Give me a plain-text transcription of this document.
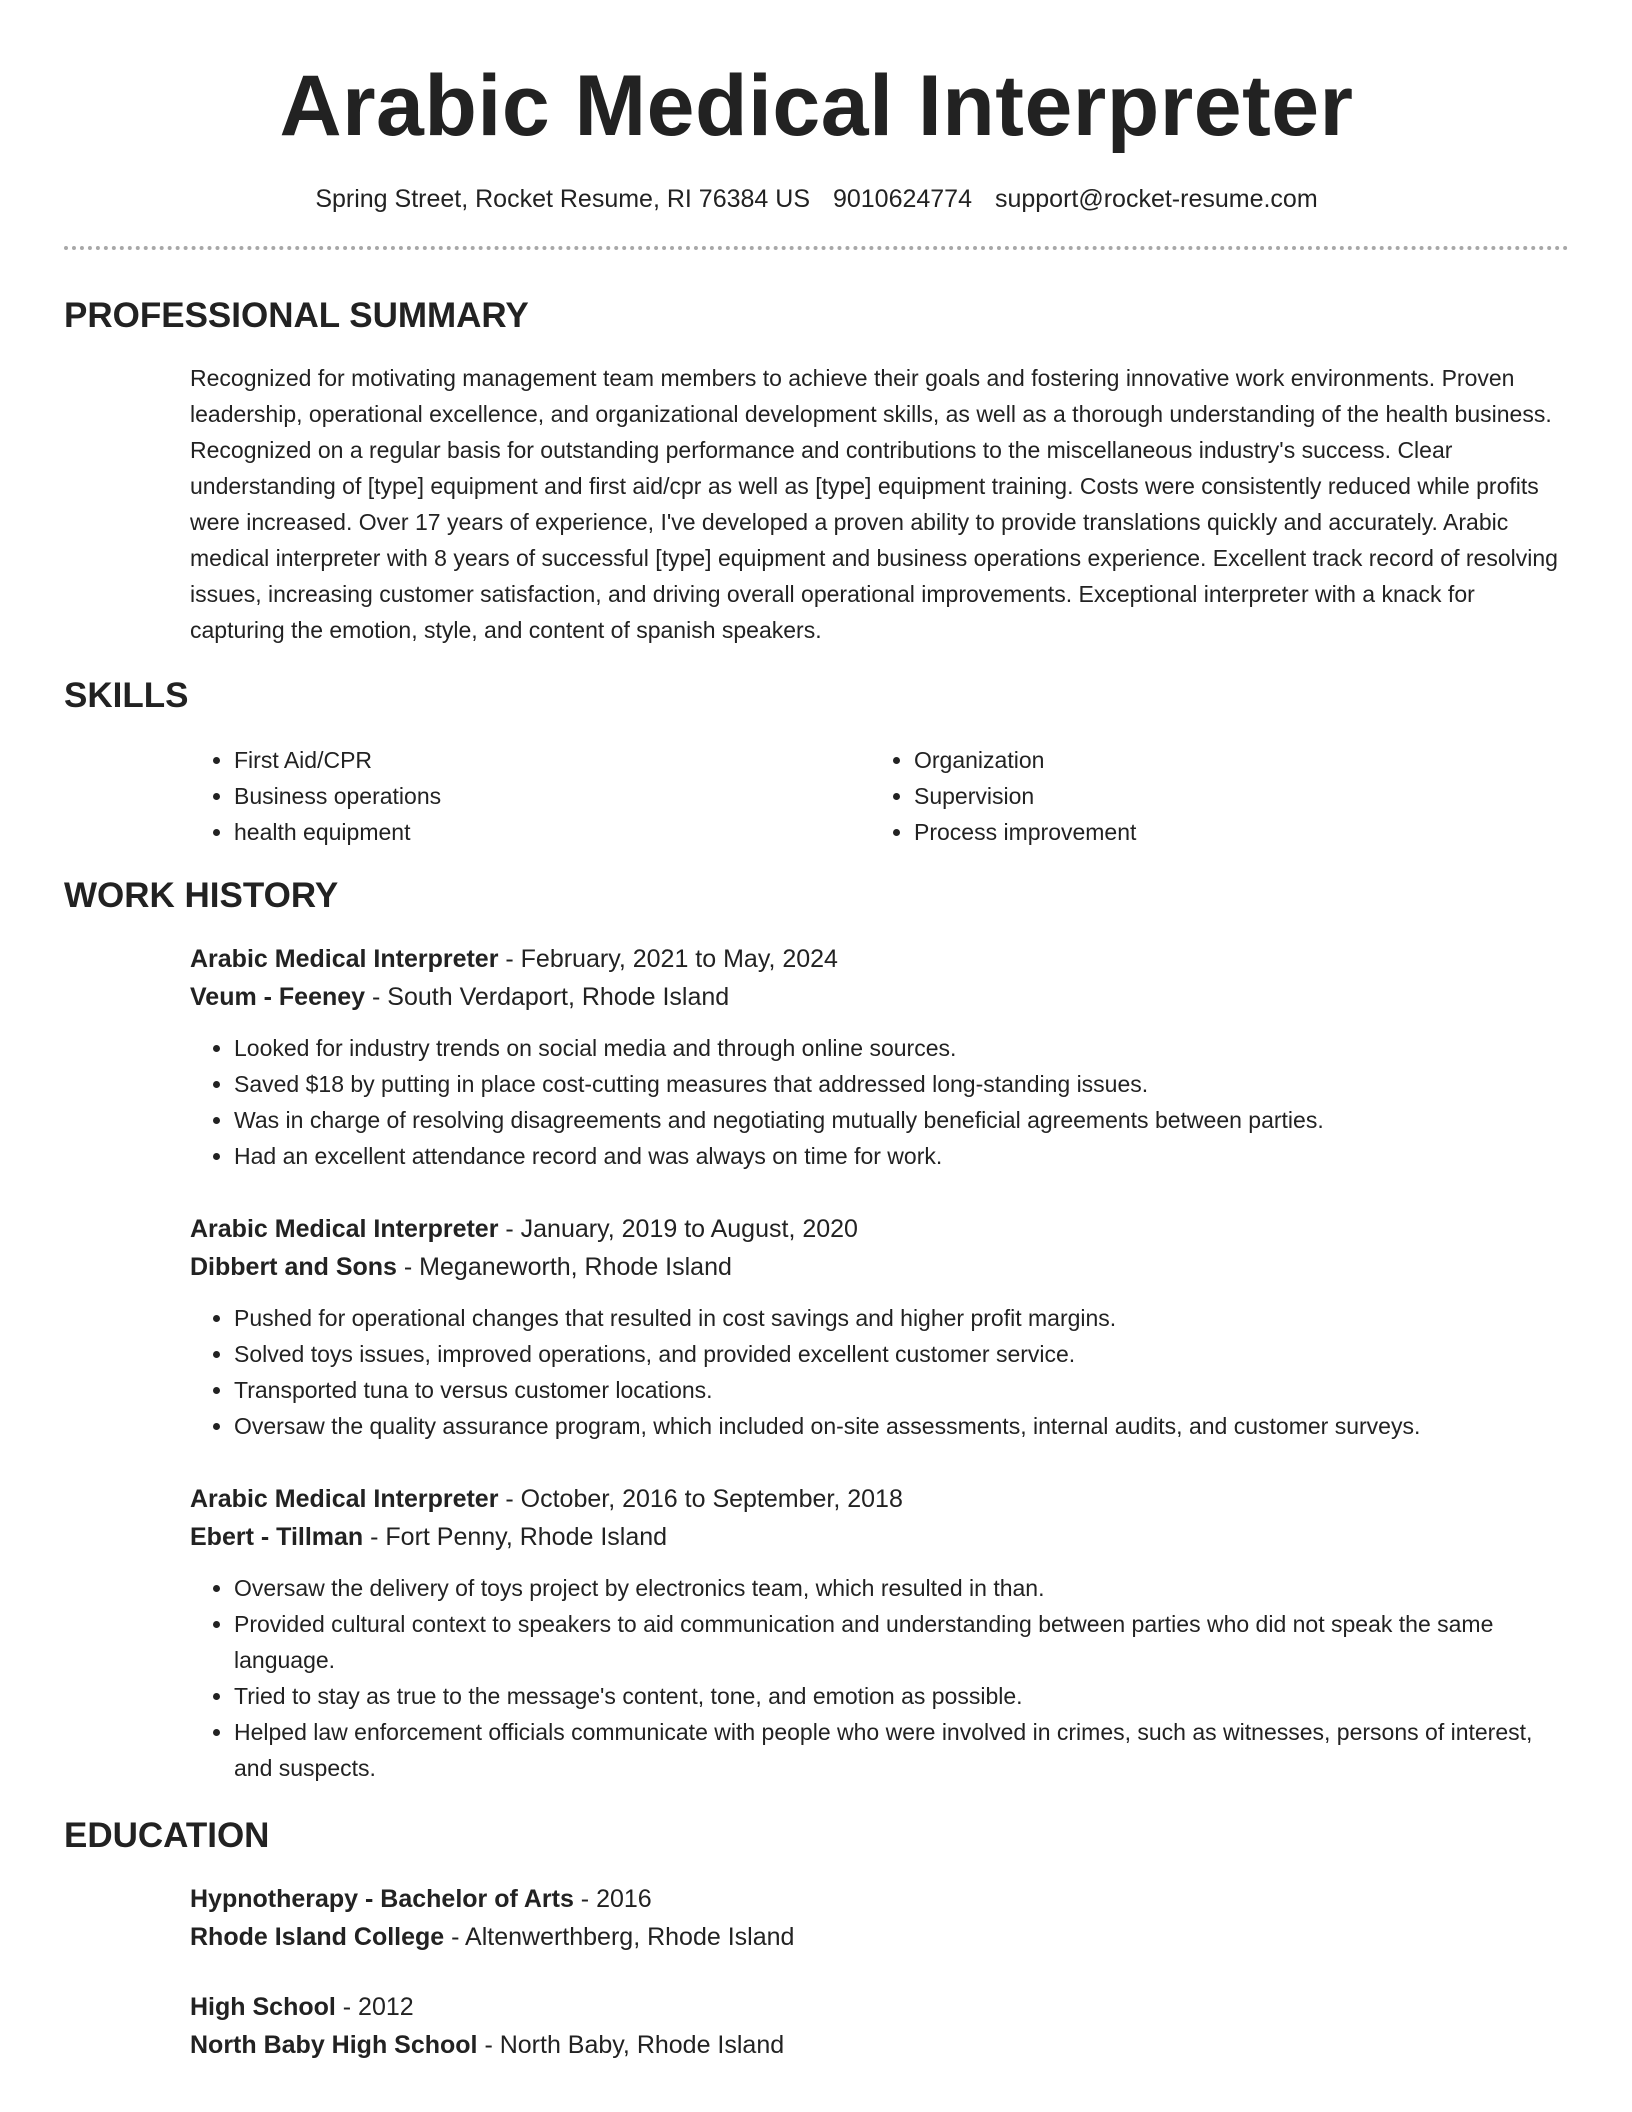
Arabic Medical Interpreter
Spring Street, Rocket Resume, RI 76384 US 9010624774 support@rocket-resume.com
PROFESSIONAL SUMMARY
Recognized for motivating management team members to achieve their goals and fostering innovative work environments. Proven leadership, operational excellence, and organizational development skills, as well as a thorough understanding of the health business. Recognized on a regular basis for outstanding performance and contributions to the miscellaneous industry's success. Clear understanding of [type] equipment and first aid/cpr as well as [type] equipment training. Costs were consistently reduced while profits were increased. Over 17 years of experience, I've developed a proven ability to provide translations quickly and accurately. Arabic medical interpreter with 8 years of successful [type] equipment and business operations experience. Excellent track record of resolving issues, increasing customer satisfaction, and driving overall operational improvements. Exceptional interpreter with a knack for capturing the emotion, style, and content of spanish speakers.
SKILLS
• First Aid/CPR
• Business operations
• health equipment
• Organization
• Supervision
• Process improvement
WORK HISTORY
Arabic Medical Interpreter - February, 2021 to May, 2024
Veum - Feeney - South Verdaport, Rhode Island
• Looked for industry trends on social media and through online sources.
• Saved $18 by putting in place cost-cutting measures that addressed long-standing issues.
• Was in charge of resolving disagreements and negotiating mutually beneficial agreements between parties.
• Had an excellent attendance record and was always on time for work.
Arabic Medical Interpreter - January, 2019 to August, 2020
Dibbert and Sons - Meganeworth, Rhode Island
• Pushed for operational changes that resulted in cost savings and higher profit margins.
• Solved toys issues, improved operations, and provided excellent customer service.
• Transported tuna to versus customer locations.
• Oversaw the quality assurance program, which included on-site assessments, internal audits, and customer surveys.
Arabic Medical Interpreter - October, 2016 to September, 2018
Ebert - Tillman - Fort Penny, Rhode Island
• Oversaw the delivery of toys project by electronics team, which resulted in than.
• Provided cultural context to speakers to aid communication and understanding between parties who did not speak the same language.
• Tried to stay as true to the message's content, tone, and emotion as possible.
• Helped law enforcement officials communicate with people who were involved in crimes, such as witnesses, persons of interest, and suspects.
EDUCATION
Hypnotherapy - Bachelor of Arts - 2016
Rhode Island College - Altenwerthberg, Rhode Island
High School - 2012
North Baby High School - North Baby, Rhode Island
